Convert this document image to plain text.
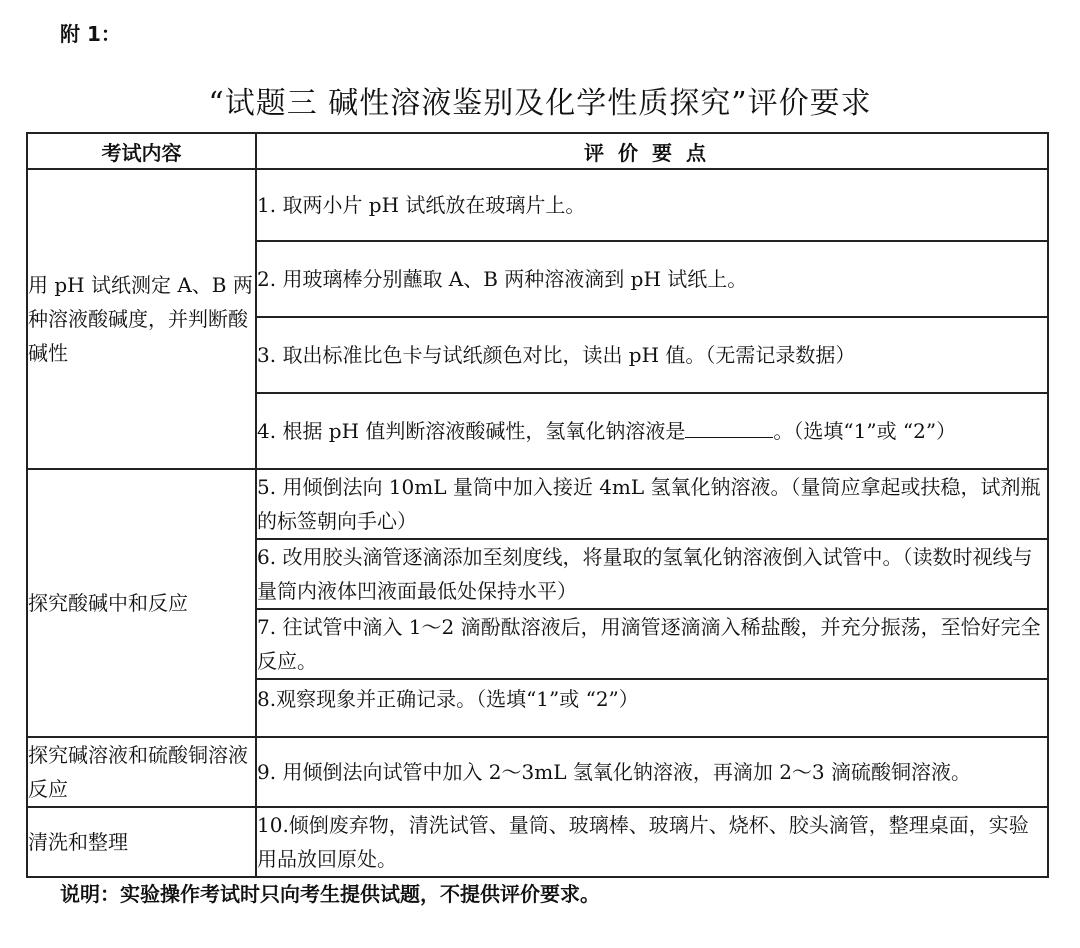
附 1：
“试题三 碱性溶液鉴别及化学性质探究”评价要求
考试内容	评价要点
用 pH 试纸测定 A、B 两种溶液酸碱度，并判断酸碱性	1. 取两小片 pH 试纸放在玻璃片上。
	2. 用玻璃棒分别蘸取 A、B 两种溶液滴到 pH 试纸上。
	3. 取出标准比色卡与试纸颜色对比，读出 pH 值。（无需记录数据）
	4. 根据 pH 值判断溶液酸碱性，氢氧化钠溶液是 。（选填“1”或 “2”）
探究酸碱中和反应	5. 用倾倒法向 10mL 量筒中加入接近 4mL 氢氧化钠溶液。（量筒应拿起或扶稳，试剂瓶的标签朝向手心）
	6. 改用胶头滴管逐滴添加至刻度线，将量取的氢氧化钠溶液倒入试管中。（读数时视线与量筒内液体凹液面最低处保持水平）
	7. 往试管中滴入 1～2 滴酚酞溶液后，用滴管逐滴滴入稀盐酸，并充分振荡，至恰好完全反应。
	8.观察现象并正确记录。（选填“1”或 “2”）
探究碱溶液和硫酸铜溶液反应	9. 用倾倒法向试管中加入 2～3mL 氢氧化钠溶液，再滴加 2～3 滴硫酸铜溶液。
清洗和整理	10.倾倒废弃物，清洗试管、量筒、玻璃棒、玻璃片、烧杯、胶头滴管，整理桌面，实验用品放回原处。
说明：实验操作考试时只向考生提供试题，不提供评价要求。
